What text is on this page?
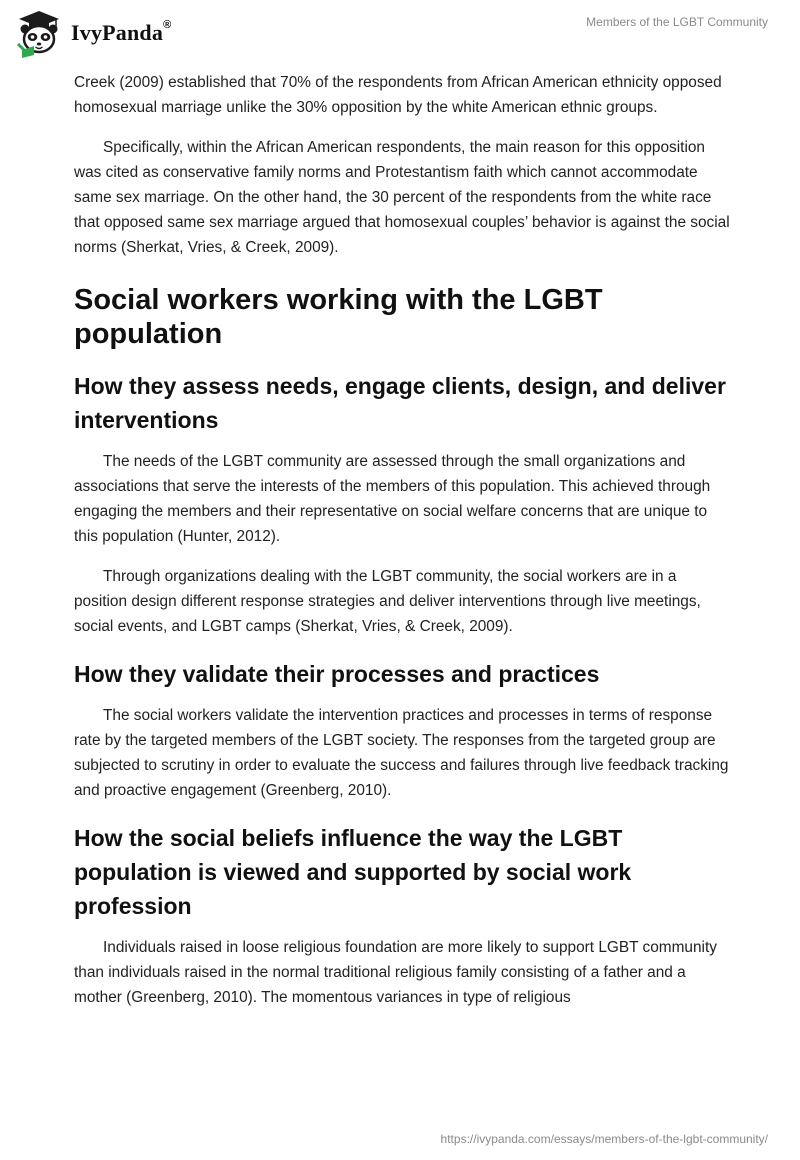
IvyPanda®	Members of the LGBT Community

Creek (2009) established that 70% of the respondents from African American ethnicity opposed homosexual marriage unlike the 30% opposition by the white American ethnic groups.

Specifically, within the African American respondents, the main reason for this opposition was cited as conservative family norms and Protestantism faith which cannot accommodate same sex marriage. On the other hand, the 30 percent of the respondents from the white race that opposed same sex marriage argued that homosexual couples’ behavior is against the social norms (Sherkat, Vries, & Creek, 2009).

Social workers working with the LGBT population
How they assess needs, engage clients, design, and deliver interventions

The needs of the LGBT community are assessed through the small organizations and associations that serve the interests of the members of this population. This achieved through engaging the members and their representative on social welfare concerns that are unique to this population (Hunter, 2012).

Through organizations dealing with the LGBT community, the social workers are in a position design different response strategies and deliver interventions through live meetings, social events, and LGBT camps (Sherkat, Vries, & Creek, 2009).

How they validate their processes and practices

The social workers validate the intervention practices and processes in terms of response rate by the targeted members of the LGBT society. The responses from the targeted group are subjected to scrutiny in order to evaluate the success and failures through live feedback tracking and proactive engagement (Greenberg, 2010).

How the social beliefs influence the way the LGBT population is viewed and supported by social work profession

Individuals raised in loose religious foundation are more likely to support LGBT community than individuals raised in the normal traditional religious family consisting of a father and a mother (Greenberg, 2010). The momentous variances in type of religious

https://ivypanda.com/essays/members-of-the-lgbt-community/
